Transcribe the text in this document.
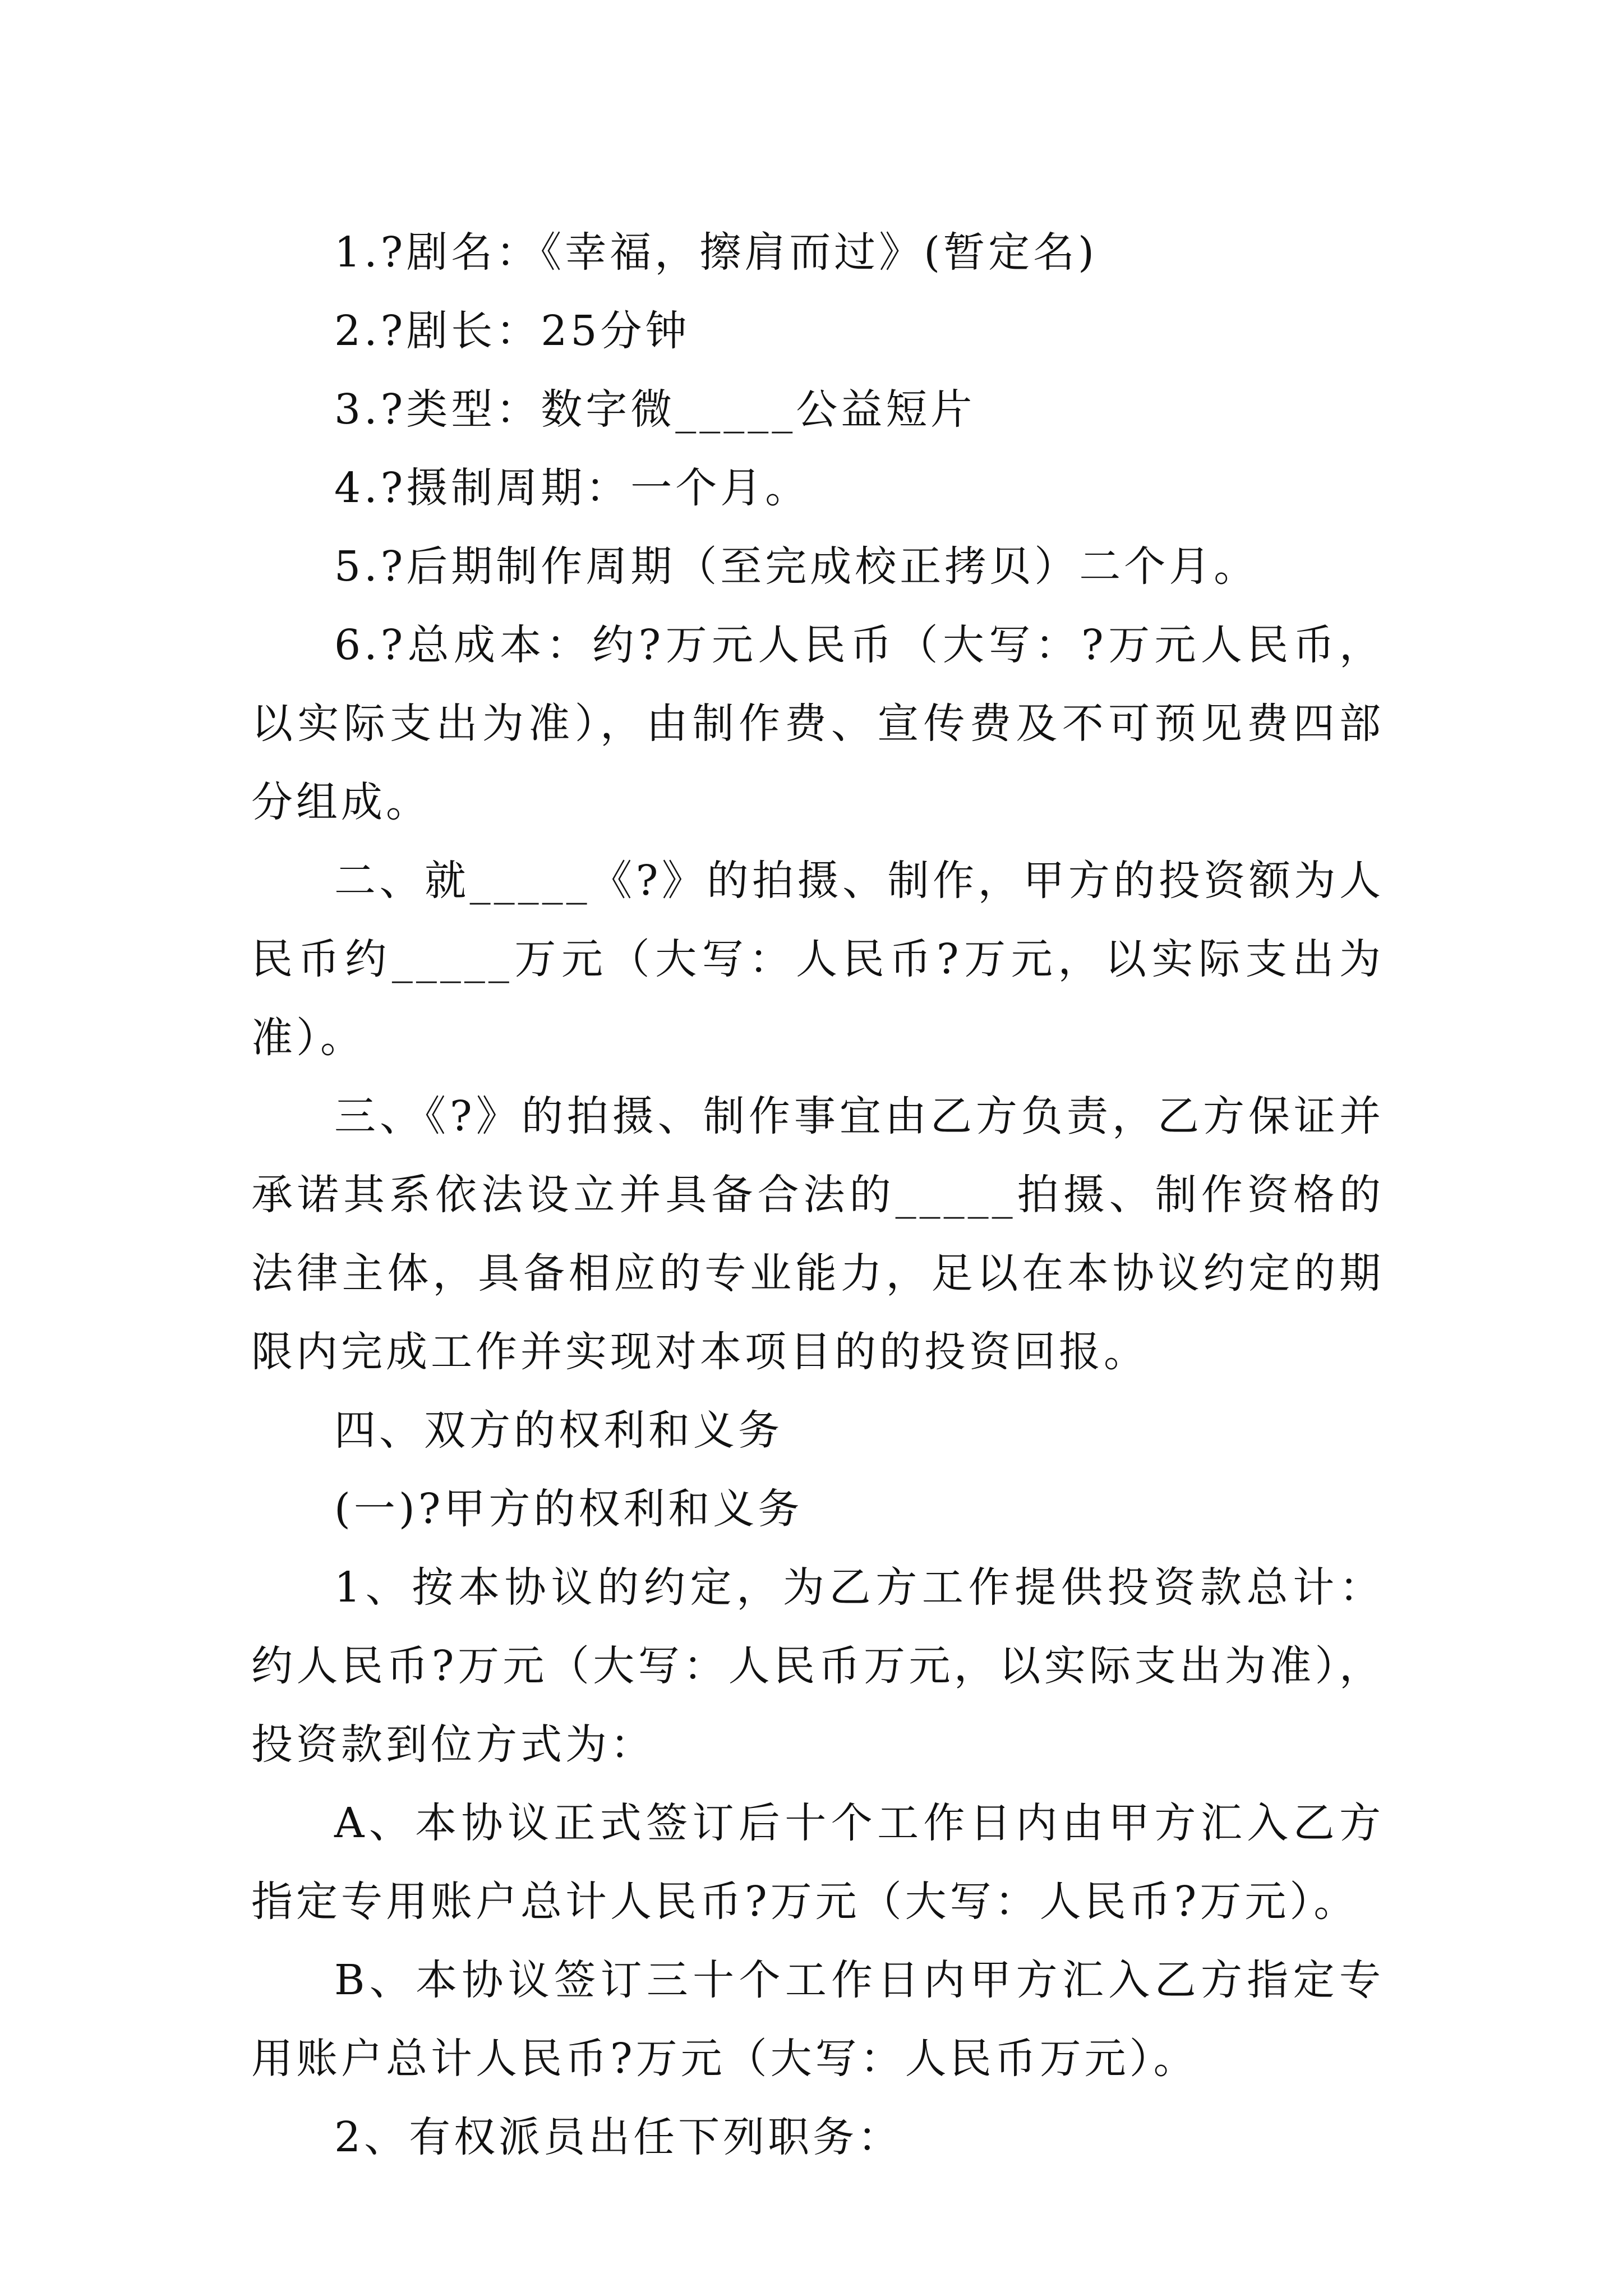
1.?剧名：《幸福，擦肩而过》(暂定名)

2.?剧长：25分钟

3.?类型：数字微_____公益短片

4.?摄制周期：一个月。

5.?后期制作周期（至完成校正拷贝）二个月。

6.?总成本：约?万元人民币（大写：?万元人民币，以实际支出为准），由制作费、宣传费及不可预见费四部分组成。

二、就_____《?》的拍摄、制作，甲方的投资额为人民币约_____万元（大写：人民币?万元，以实际支出为准）。

三、《?》的拍摄、制作事宜由乙方负责，乙方保证并承诺其系依法设立并具备合法的_____拍摄、制作资格的法律主体，具备相应的专业能力，足以在本协议约定的期限内完成工作并实现对本项目的的投资回报。

四、双方的权利和义务

(一)?甲方的权利和义务

1、按本协议的约定，为乙方工作提供投资款总计：约人民币?万元（大写：人民币万元，以实际支出为准），投资款到位方式为：

A、本协议正式签订后十个工作日内由甲方汇入乙方指定专用账户总计人民币?万元（大写：人民币?万元）。

B、本协议签订三十个工作日内甲方汇入乙方指定专用账户总计人民币?万元（大写：人民币万元）。

2、有权派员出任下列职务：
